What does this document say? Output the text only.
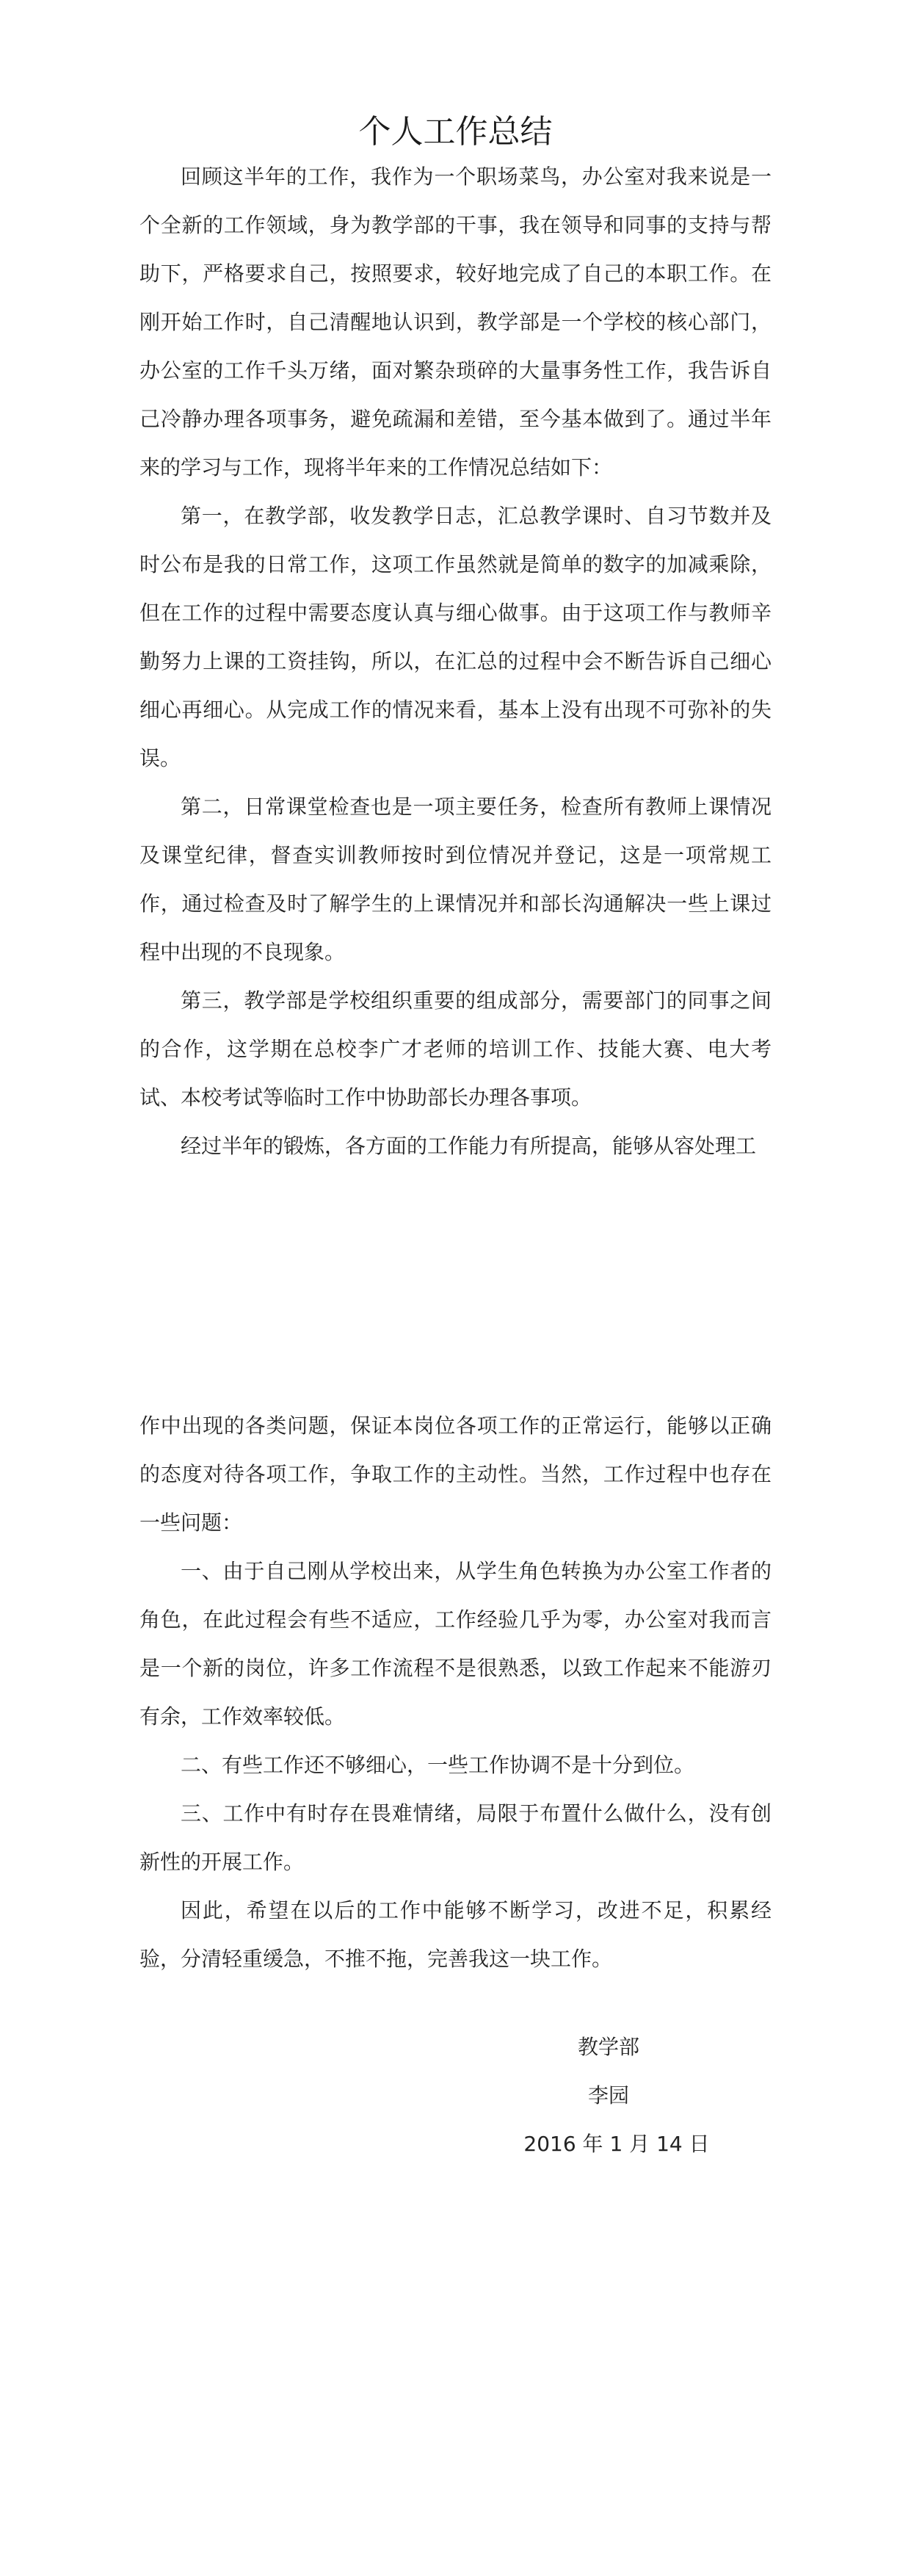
个人工作总结

回顾这半年的工作，我作为一个职场菜鸟，办公室对我来说是一个全新的工作领域，身为教学部的干事，我在领导和同事的支持与帮助下，严格要求自己，按照要求，较好地完成了自己的本职工作。在刚开始工作时，自己清醒地认识到，教学部是一个学校的核心部门，办公室的工作千头万绪，面对繁杂琐碎的大量事务性工作，我告诉自己冷静办理各项事务，避免疏漏和差错，至今基本做到了。通过半年来的学习与工作，现将半年来的工作情况总结如下：

第一，在教学部，收发教学日志，汇总教学课时、自习节数并及时公布是我的日常工作，这项工作虽然就是简单的数字的加减乘除，但在工作的过程中需要态度认真与细心做事。由于这项工作与教师辛勤努力上课的工资挂钩，所以，在汇总的过程中会不断告诉自己细心细心再细心。从完成工作的情况来看，基本上没有出现不可弥补的失误。

第二，日常课堂检查也是一项主要任务，检查所有教师上课情况及课堂纪律，督查实训教师按时到位情况并登记，这是一项常规工作，通过检查及时了解学生的上课情况并和部长沟通解决一些上课过程中出现的不良现象。

第三，教学部是学校组织重要的组成部分，需要部门的同事之间的合作，这学期在总校李广才老师的培训工作、技能大赛、电大考试、本校考试等临时工作中协助部长办理各事项。

经过半年的锻炼，各方面的工作能力有所提高，能够从容处理工

作中出现的各类问题，保证本岗位各项工作的正常运行，能够以正确的态度对待各项工作，争取工作的主动性。当然，工作过程中也存在一些问题：

一、由于自己刚从学校出来，从学生角色转换为办公室工作者的角色，在此过程会有些不适应，工作经验几乎为零，办公室对我而言是一个新的岗位，许多工作流程不是很熟悉，以致工作起来不能游刃有余，工作效率较低。

二、有些工作还不够细心，一些工作协调不是十分到位。

三、工作中有时存在畏难情绪，局限于布置什么做什么，没有创新性的开展工作。

因此，希望在以后的工作中能够不断学习，改进不足，积累经验，分清轻重缓急，不推不拖，完善我这一块工作。

教学部
李园
2016 年 1 月 14 日
